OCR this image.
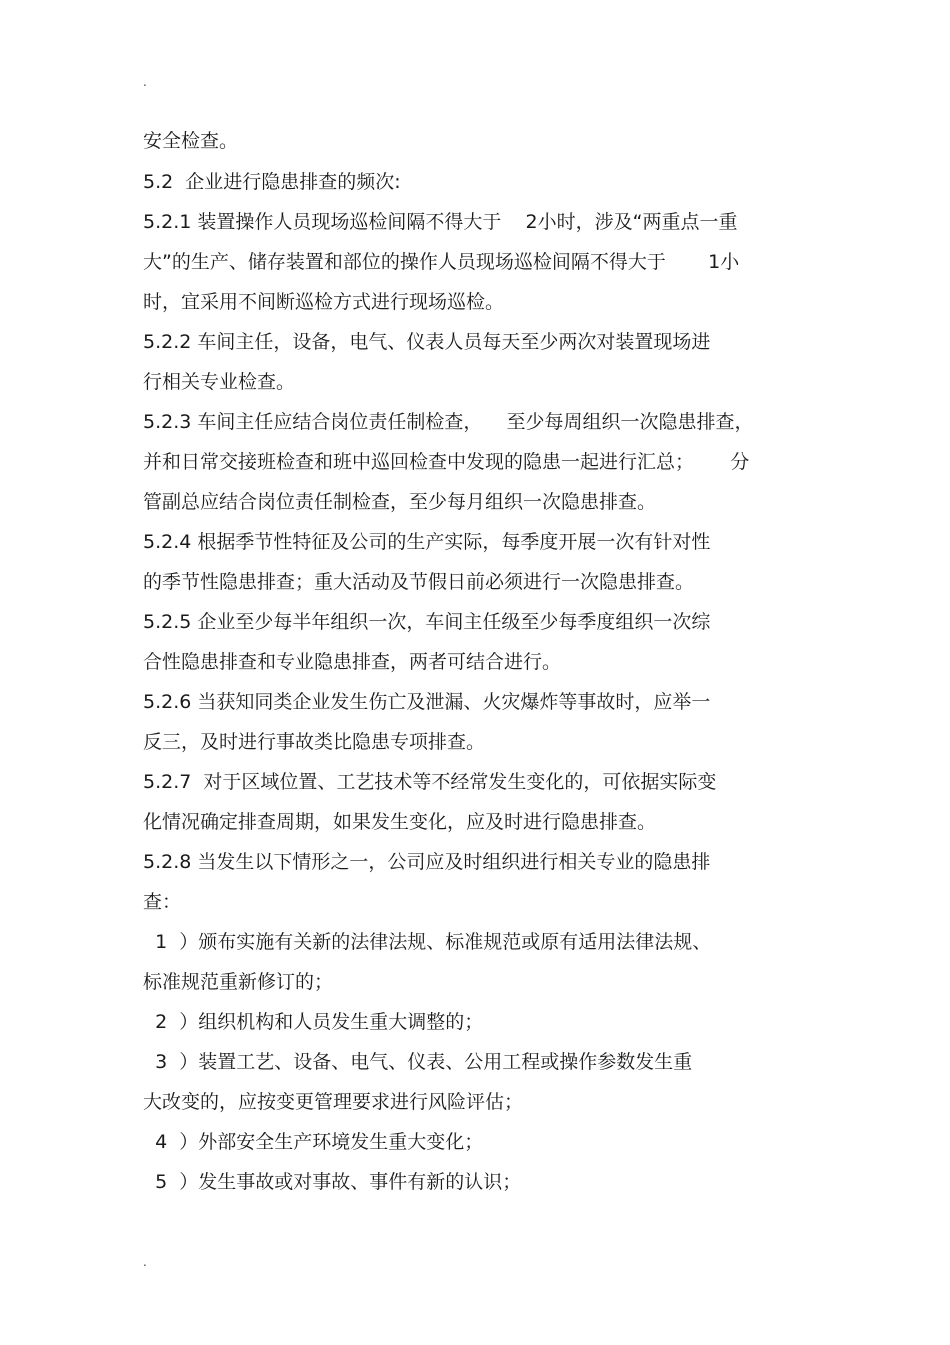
.
安全检查。
5.2  企业进行隐患排查的频次:
5.2.1 装置操作人员现场巡检间隔不得大于    2小时，涉及“两重点一重
大”的生产、储存装置和部位的操作人员现场巡检间隔不得大于       1小
时，宜采用不间断巡检方式进行现场巡检。
5.2.2 车间主任，设备，电气、仪表人员每天至少两次对装置现场进
行相关专业检查。
5.2.3 车间主任应结合岗位责任制检查，    至少每周组织一次隐患排查，
并和日常交接班检查和班中巡回检查中发现的隐患一起进行汇总；      分
管副总应结合岗位责任制检查，至少每月组织一次隐患排查。
5.2.4 根据季节性特征及公司的生产实际，每季度开展一次有针对性
的季节性隐患排查；重大活动及节假日前必须进行一次隐患排查。
5.2.5 企业至少每半年组织一次，车间主任级至少每季度组织一次综
合性隐患排查和专业隐患排查，两者可结合进行。
5.2.6 当获知同类企业发生伤亡及泄漏、火灾爆炸等事故时，应举一
反三，及时进行事故类比隐患专项排查。
5.2.7  对于区域位置、工艺技术等不经常发生变化的，可依据实际变
化情况确定排查周期，如果发生变化，应及时进行隐患排查。
5.2.8 当发生以下情形之一，公司应及时组织进行相关专业的隐患排
查：
1  ）颁布实施有关新的法律法规、标准规范或原有适用法律法规、
标准规范重新修订的；
2  ）组织机构和人员发生重大调整的；
3  ）装置工艺、设备、电气、仪表、公用工程或操作参数发生重
大改变的，应按变更管理要求进行风险评估；
4  ）外部安全生产环境发生重大变化；
5  ）发生事故或对事故、事件有新的认识；
.
